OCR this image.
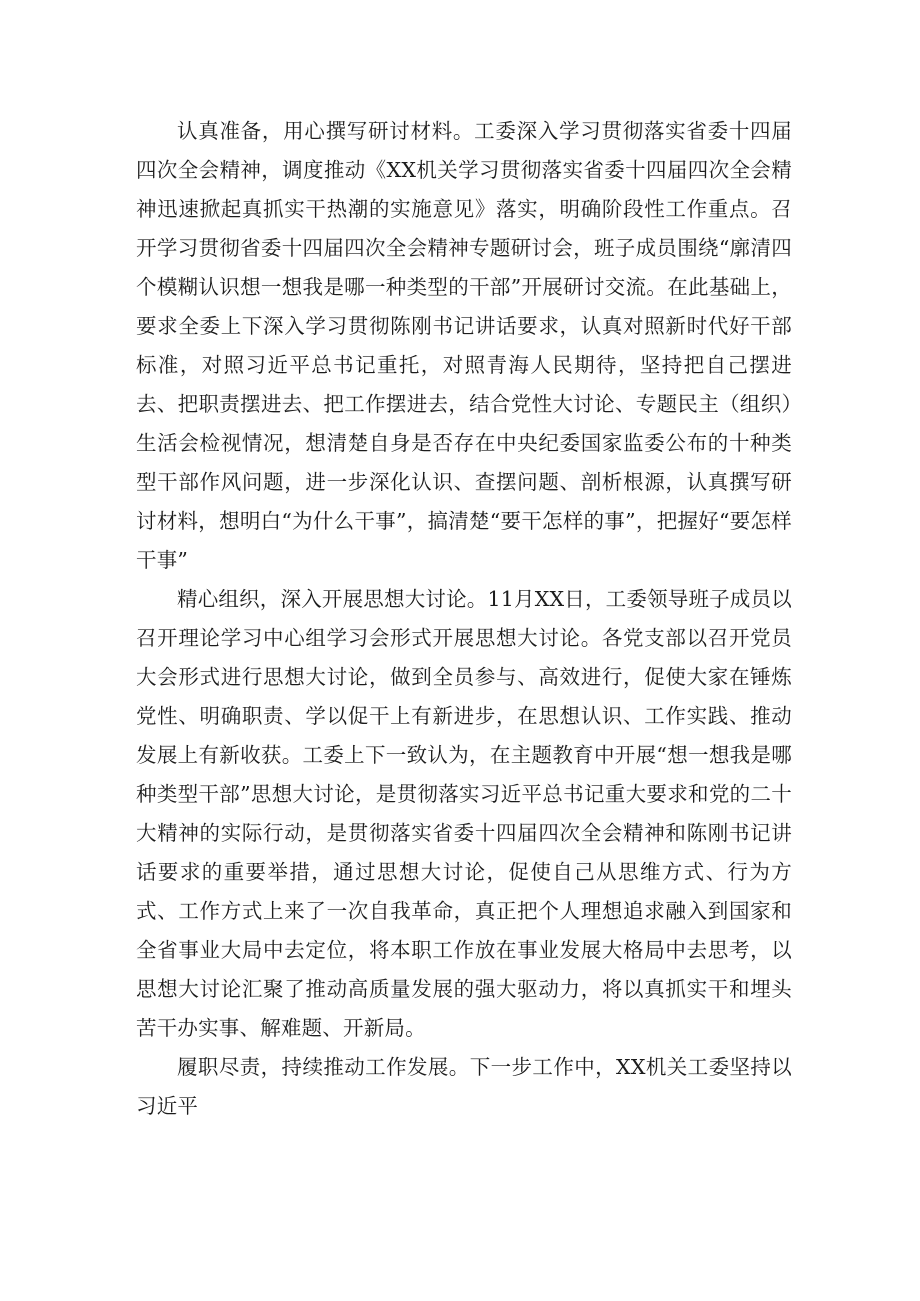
认真准备，用心撰写研讨材料。工委深入学习贯彻落实省委十四届四次全会精神，调度推动《XX机关学习贯彻落实省委十四届四次全会精神迅速掀起真抓实干热潮的实施意见》落实，明确阶段性工作重点。召开学习贯彻省委十四届四次全会精神专题研讨会，班子成员围绕“廓清四个模糊认识想一想我是哪一种类型的干部”开展研讨交流。在此基础上，要求全委上下深入学习贯彻陈刚书记讲话要求，认真对照新时代好干部标准，对照习近平总书记重托，对照青海人民期待，坚持把自己摆进去、把职责摆进去、把工作摆进去，结合党性大讨论、专题民主（组织）生活会检视情况，想清楚自身是否存在中央纪委国家监委公布的十种类型干部作风问题，进一步深化认识、查摆问题、剖析根源，认真撰写研讨材料，想明白“为什么干事”，搞清楚“要干怎样的事”，把握好“要怎样干事”

精心组织，深入开展思想大讨论。11月XX日，工委领导班子成员以召开理论学习中心组学习会形式开展思想大讨论。各党支部以召开党员大会形式进行思想大讨论，做到全员参与、高效进行，促使大家在锤炼党性、明确职责、学以促干上有新进步，在思想认识、工作实践、推动发展上有新收获。工委上下一致认为，在主题教育中开展“想一想我是哪种类型干部”思想大讨论，是贯彻落实习近平总书记重大要求和党的二十大精神的实际行动，是贯彻落实省委十四届四次全会精神和陈刚书记讲话要求的重要举措，通过思想大讨论，促使自己从思维方式、行为方式、工作方式上来了一次自我革命，真正把个人理想追求融入到国家和全省事业大局中去定位，将本职工作放在事业发展大格局中去思考，以思想大讨论汇聚了推动高质量发展的强大驱动力，将以真抓实干和埋头苦干办实事、解难题、开新局。

履职尽责，持续推动工作发展。下一步工作中，XX机关工委坚持以习近平
